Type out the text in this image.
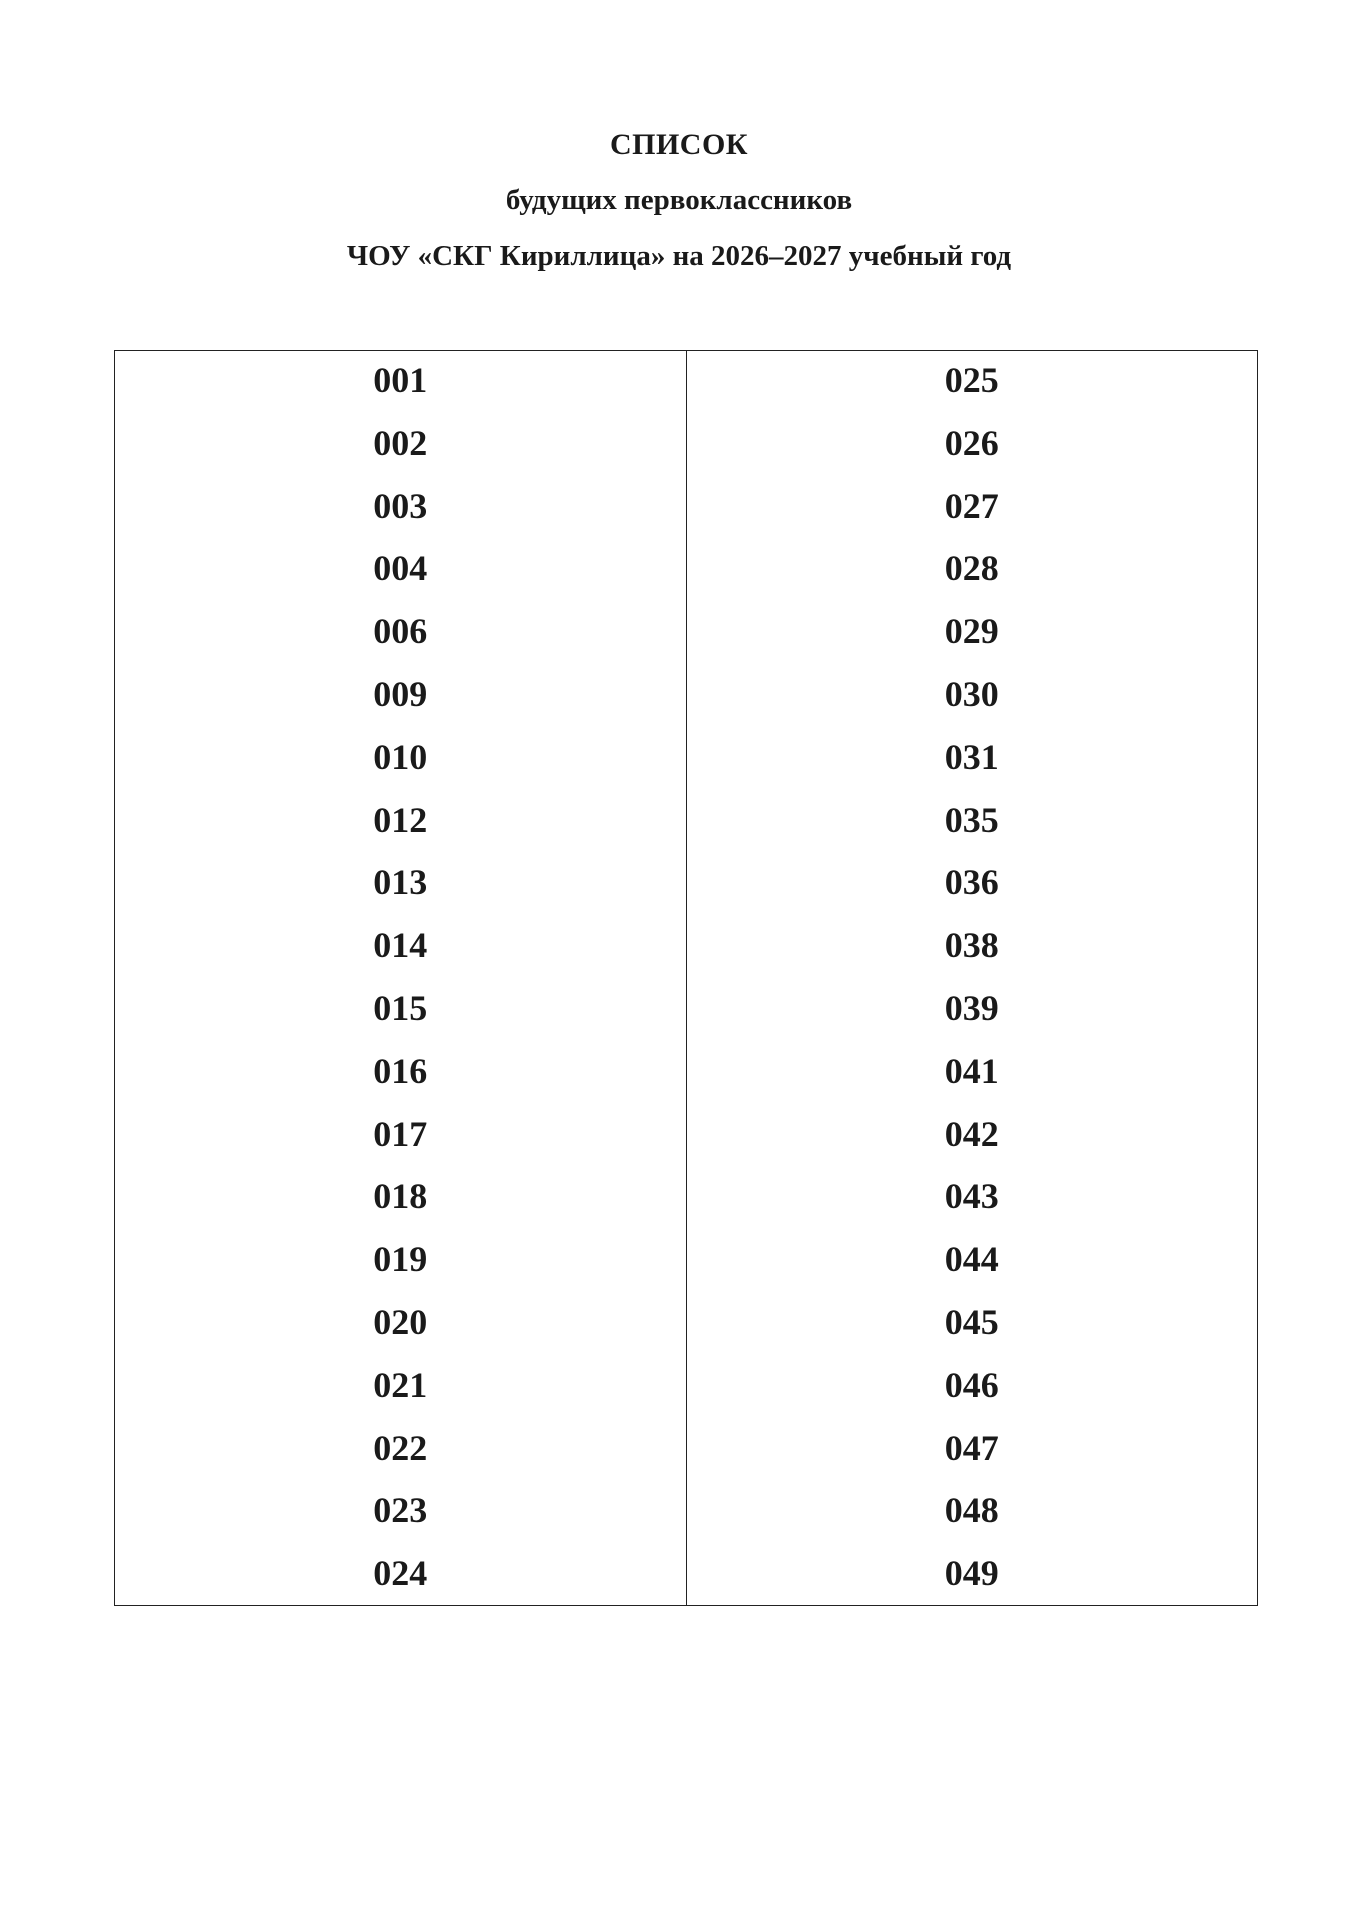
СПИСОК
будущих первоклассников
ЧОУ «СКГ Кириллица» на 2026–2027 учебный год
001
002
003
004
006
009
010
012
013
014
015
016
017
018
019
020
021
022
023
024
025
026
027
028
029
030
031
035
036
038
039
041
042
043
044
045
046
047
048
049
